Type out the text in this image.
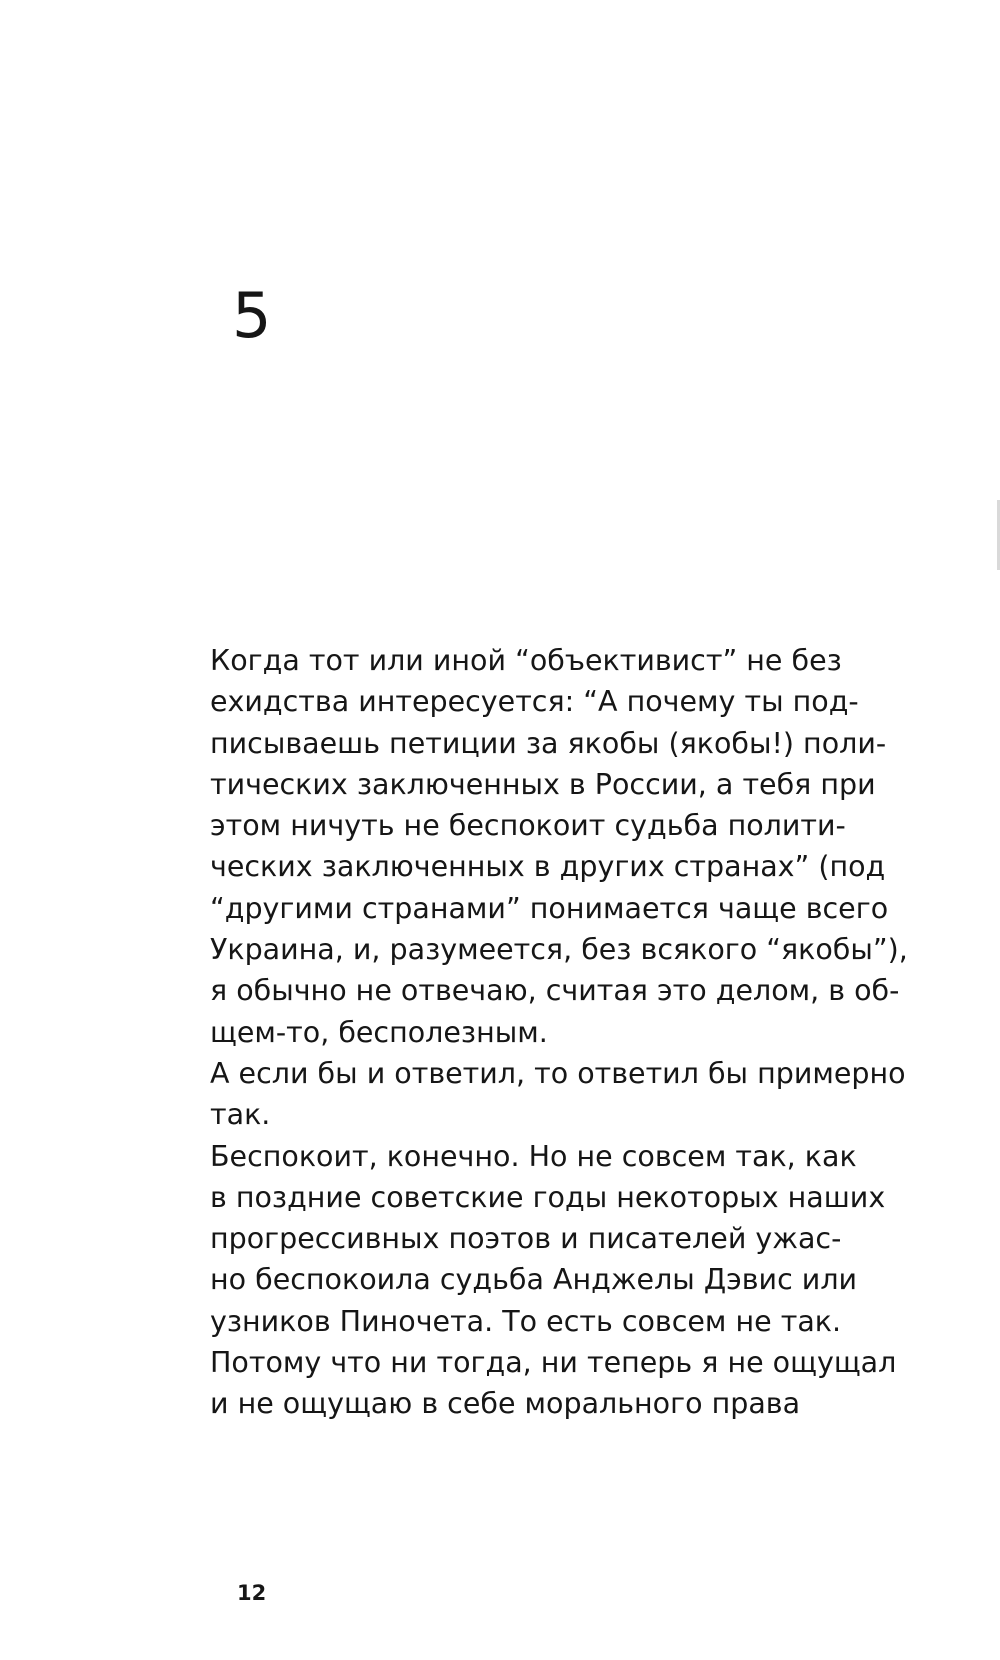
5

Когда тот или иной “объективист” не без
ехидства интересуется: “А почему ты под-
писываешь петиции за якобы (якобы!) поли-
тических заключенных в России, а тебя при
этом ничуть не беспокоит судьба полити-
ческих заключенных в других странах” (под
“другими странами” понимается чаще всего
Украина, и, разумеется, без всякого “якобы”),
я обычно не отвечаю, считая это делом, в об-
щем-то, бесполезным.

А если бы и ответил, то ответил бы примерно
так.

Беспокоит, конечно. Но не совсем так, как
в поздние советские годы некоторых наших
прогрессивных поэтов и писателей ужас-
но беспокоила судьба Анджелы Дэвис или
узников Пиночета. То есть совсем не так.

Потому что ни тогда, ни теперь я не ощущал
и не ощущаю в себе морального права

12
